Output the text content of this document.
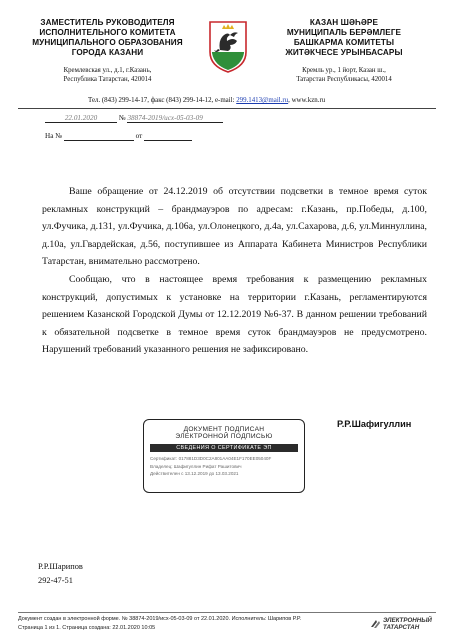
ЗАМЕСТИТЕЛЬ РУКОВОДИТЕЛЯ
ИСПОЛНИТЕЛЬНОГО КОМИТЕТА
МУНИЦИПАЛЬНОГО ОБРАЗОВАНИЯ
ГОРОДА КАЗАНИ
Кремлевская ул., д.1, г.Казань,
Республика Татарстан, 420014
КАЗАН ШӘҺӘРЕ
МУНИЦИПАЛЬ БЕРӘМЛЕГЕ
БАШКАРМА КОМИТЕТЫ
ЖИТӘКЧЕСЕ УРЫНБАСАРЫ
Кремль ур., 1 йорт, Казан ш.,
Татарстан Республикасы, 420014
Тел. (843) 299-14-17, факс (843) 299-14-12, e-mail: 299.1413@mail.ru, www.kzn.ru
22.01.2020	№ 38874-2019/исх-05-03-09
На №	от

Ваше обращение от 24.12.2019 об отсутствии подсветки в темное время суток рекламных конструкций – брандмауэров по адресам: г.Казань, пр.Победы, д.100, ул.Фучика, д.131, ул.Фучика, д.106а, ул.Олонецкого, д.4а, ул.Сахарова, д.6, ул.Миннуллина, д.10а, ул.Гвардейская, д.56, поступившее из Аппарата Кабинета Министров Республики Татарстан, внимательно рассмотрено.

Сообщаю, что в настоящее время требования к размещению рекламных конструкций, допустимых к установке на территории г.Казань, регламентируются решением Казанской Городской Думы от 12.12.2019 №6-37. В данном решении требований к обязательной подсветке в темное время суток брандмауэров не предусмотрено. Нарушений требований указанного решения не зафиксировано.

Р.Р.Шафигуллин
ДОКУМЕНТ ПОДПИСАН
ЭЛЕКТРОННОЙ ПОДПИСЬЮ
СВЕДЕНИЯ О СЕРТИФИКАТЕ ЭП
Сертификат: 017881D3D0C2A801AA04E1F170EE05040F
Владелец: Шафигуллин Рифат Рашитович
Действителен с 13.12.2019 до 13.03.2021
Р.Р.Шарипов
292-47-51
Документ создан в электронной форме. № 38874-2019/исх-05-03-09 от 22.01.2020. Исполнитель: Шарипов Р.Р.
Страница 1 из 1. Страница создана: 22.01.2020 10:05
ЭЛЕКТРОННЫЙ
ТАТАРСТАН
